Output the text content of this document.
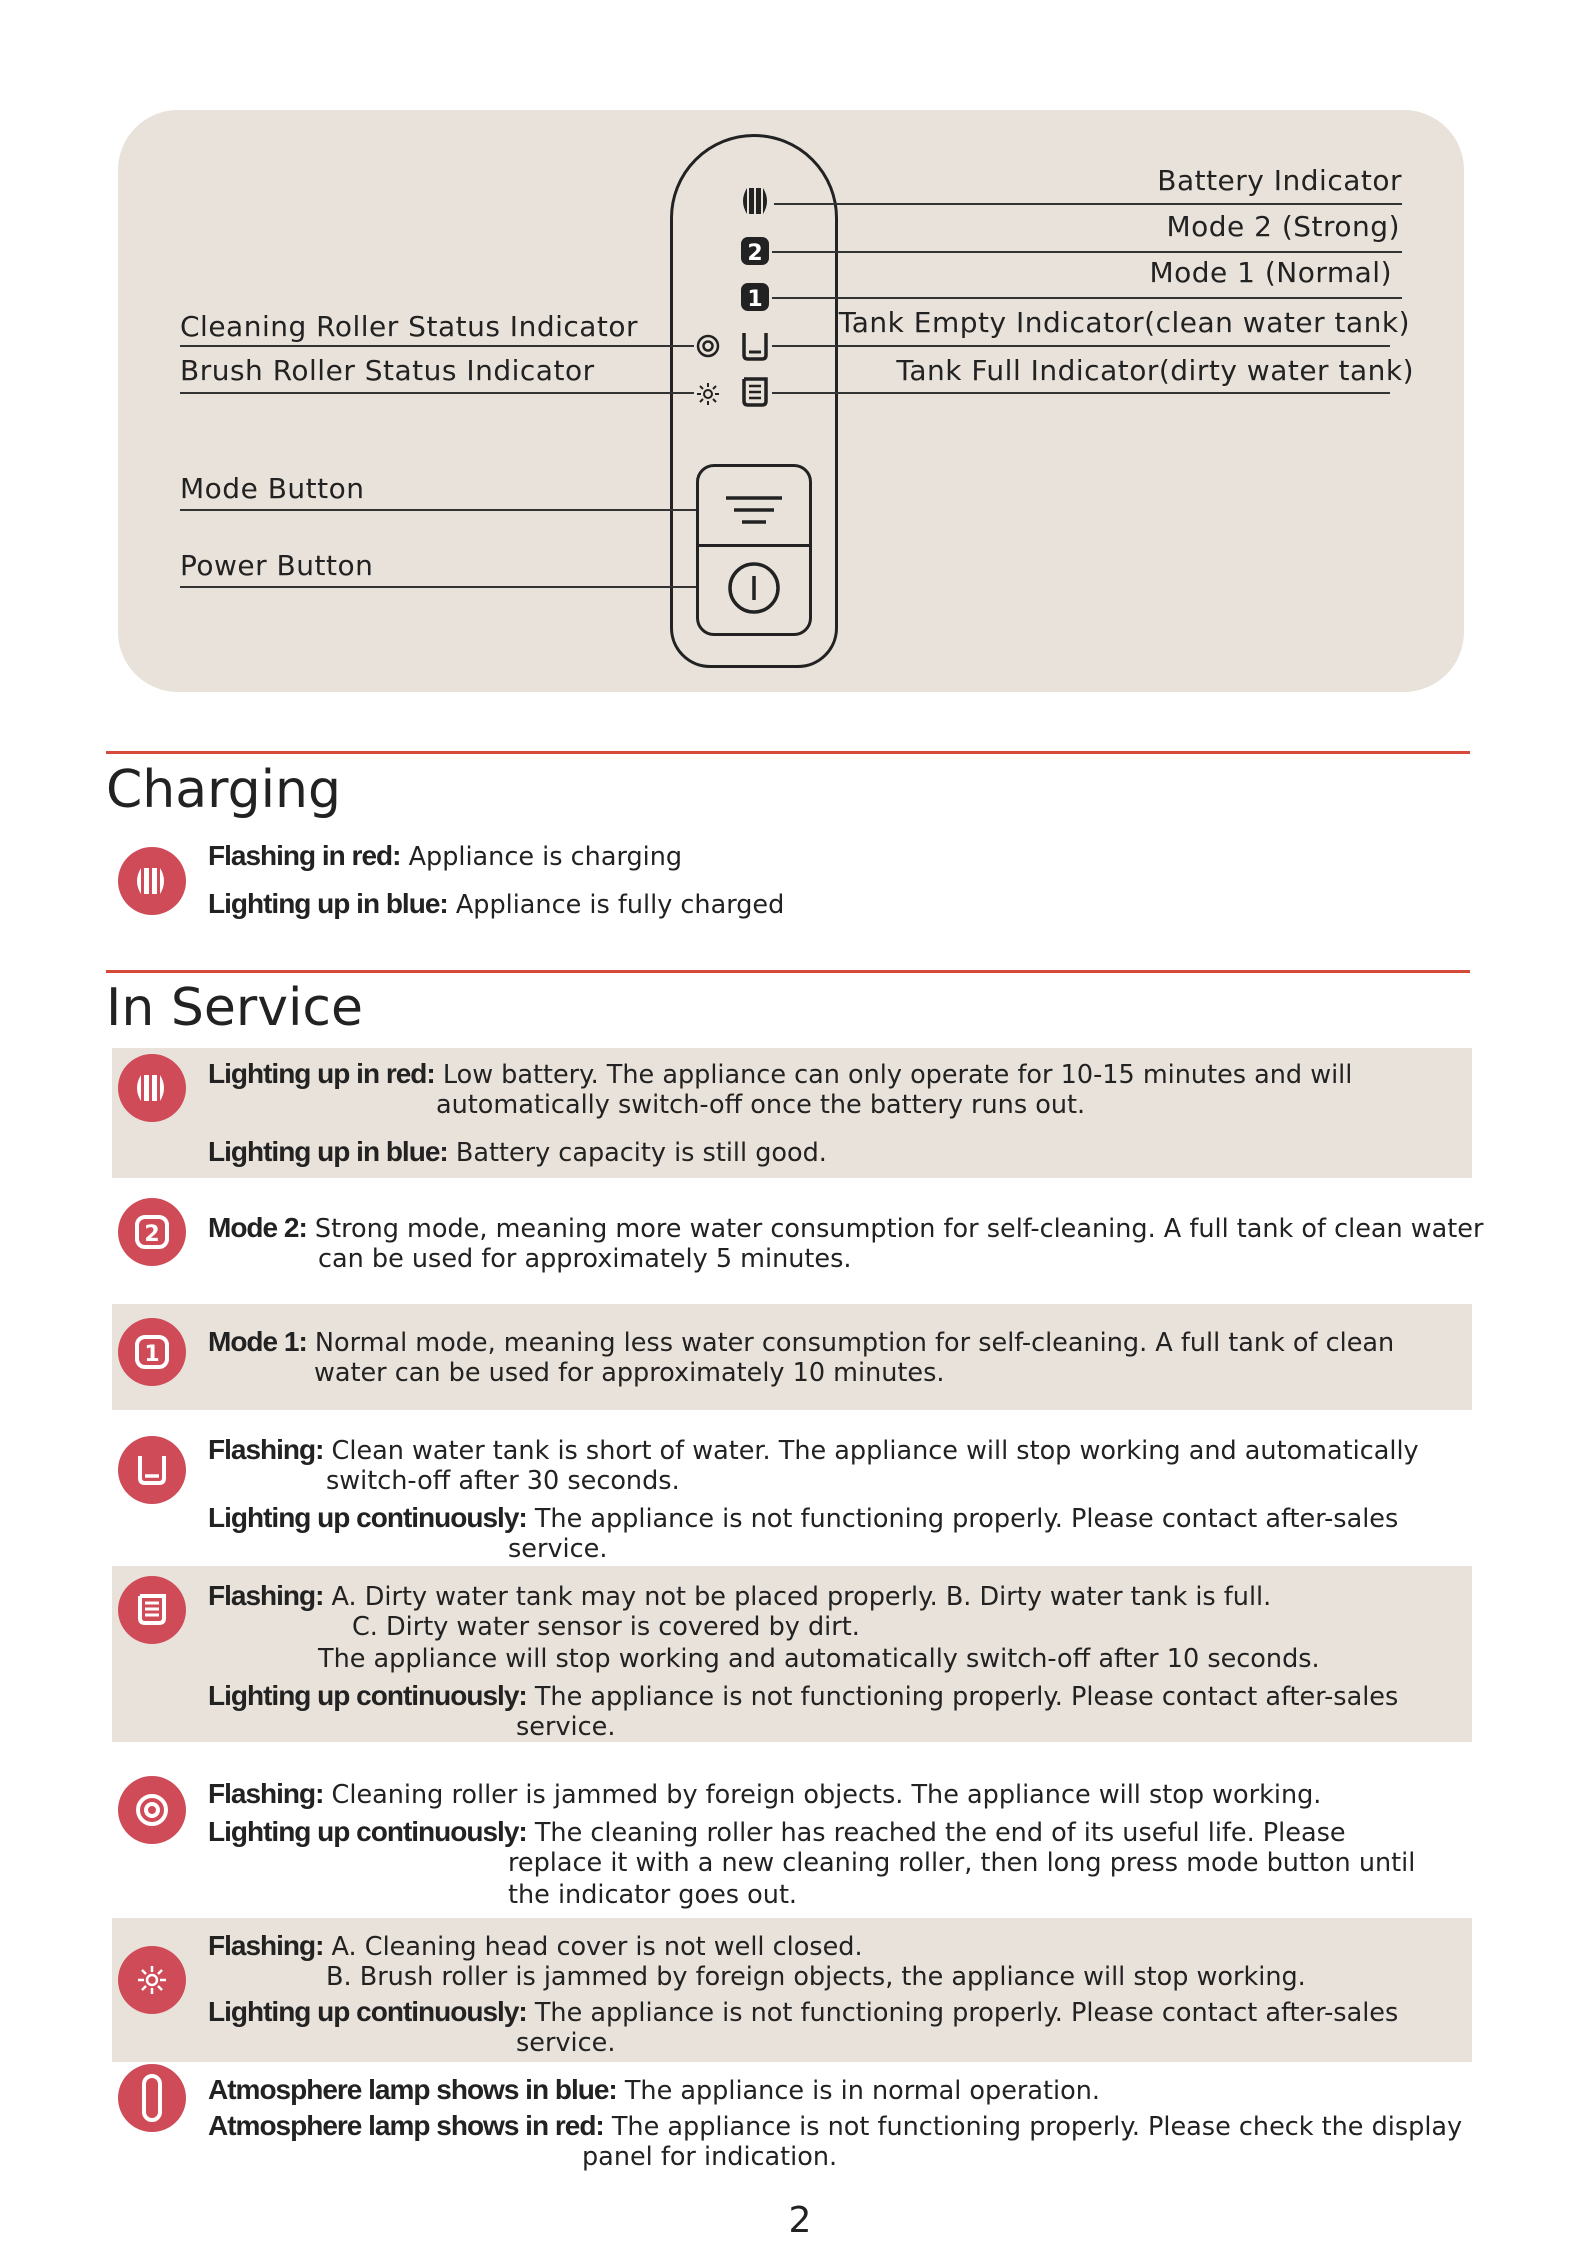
2
1
Battery Indicator
Mode 2 (Strong)
Mode 1 (Normal)
Tank Empty Indicator(clean water tank)
Tank Full Indicator(dirty water tank)
Cleaning Roller Status Indicator
Brush Roller Status Indicator
Mode Button
Power Button
Charging
Flashing in red: Appliance is charging
Lighting up in blue: Appliance is fully charged
In Service
Lighting up in red: Low battery. The appliance can only operate for 10-15 minutes and will
automatically switch-off once the battery runs out.
Lighting up in blue: Battery capacity is still good.
2 Mode 2: Strong mode, meaning more water consumption for self-cleaning. A full tank of clean water
can be used for approximately 5 minutes.
1 Mode 1: Normal mode, meaning less water consumption for self-cleaning. A full tank of clean
water can be used for approximately 10 minutes.
Flashing: Clean water tank is short of water. The appliance will stop working and automatically
switch-off after 30 seconds.
Lighting up continuously: The appliance is not functioning properly. Please contact after-sales
service.
Flashing: A. Dirty water tank may not be placed properly. B. Dirty water tank is full.
C. Dirty water sensor is covered by dirt.
The appliance will stop working and automatically switch-off after 10 seconds.
Lighting up continuously: The appliance is not functioning properly. Please contact after-sales
service.
Flashing: Cleaning roller is jammed by foreign objects. The appliance will stop working.
Lighting up continuously: The cleaning roller has reached the end of its useful life. Please
replace it with a new cleaning roller, then long press mode button until
the indicator goes out.
Flashing: A. Cleaning head cover is not well closed.
B. Brush roller is jammed by foreign objects, the appliance will stop working.
Lighting up continuously: The appliance is not functioning properly. Please contact after-sales
service.
Atmosphere lamp shows in blue: The appliance is in normal operation.
Atmosphere lamp shows in red: The appliance is not functioning properly. Please check the display
panel for indication.
2
